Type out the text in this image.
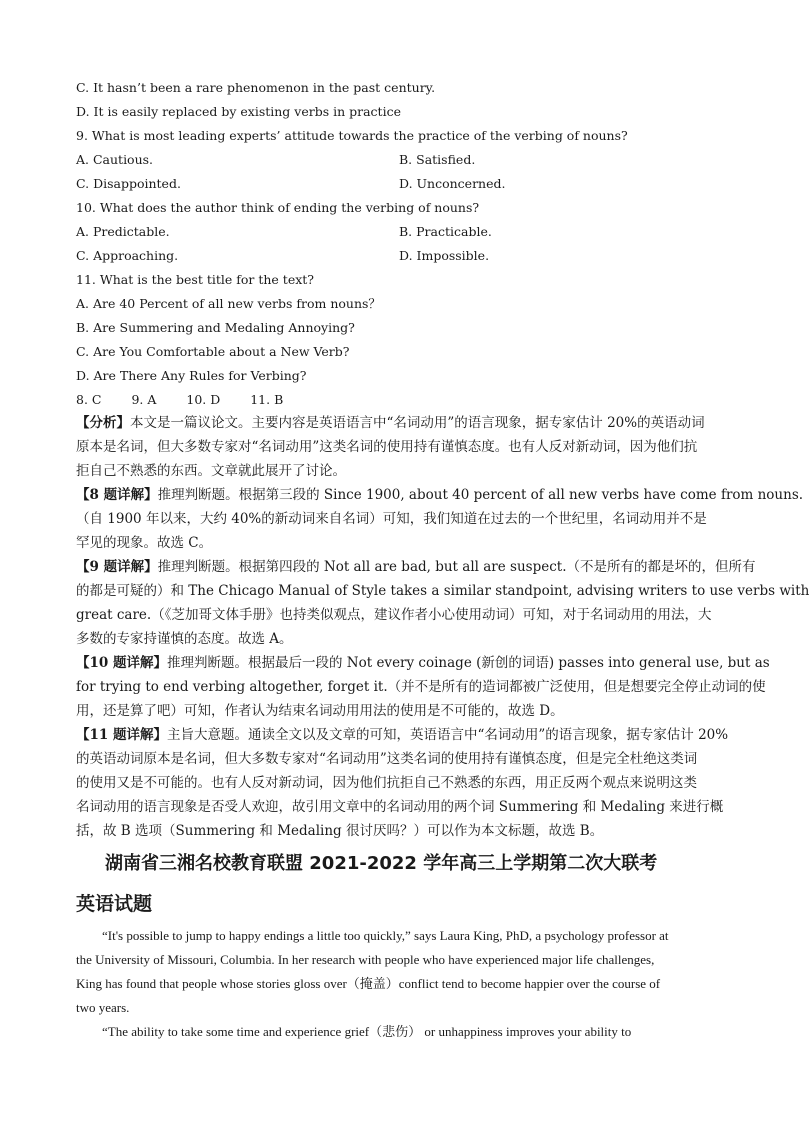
C. It hasn’t been a rare phenomenon in the past century.
D. It is easily replaced by existing verbs in practice
9. What is most leading experts’ attitude towards the practice of the verbing of nouns?
A. Cautious.	B. Satisfied.
C. Disappointed.	D. Unconcerned.
10. What does the author think of ending the verbing of nouns?
A. Predictable.	B. Practicable.
C. Approaching.	D. Impossible.
11. What is the best title for the text?
A. Are 40 Percent of all new verbs from nouns？
B. Are Summering and Medaling Annoying?
C. Are You Comfortable about a New Verb?
D. Are There Any Rules for Verbing?
8. C 9. A 10. D 11. B
【分析】本文是一篇议论文。主要内容是英语语言中“名词动用”的语言现象，据专家估计 20%的英语动词
原本是名词，但大多数专家对“名词动用”这类名词的使用持有谨慎态度。也有人反对新动词，因为他们抗
拒自己不熟悉的东西。文章就此展开了讨论。
【8 题详解】推理判断题。根据第三段的 Since 1900, about 40 percent of all new verbs have come from nouns.
（自 1900 年以来，大约 40%的新动词来自名词）可知，我们知道在过去的一个世纪里，名词动用并不是
罕见的现象。故选 C。
【9 题详解】推理判断题。根据第四段的 Not all are bad, but all are suspect.（不是所有的都是坏的，但所有
的都是可疑的）和 The Chicago Manual of Style takes a similar standpoint, advising writers to use verbs with
great care.（《芝加哥文体手册》也持类似观点，建议作者小心使用动词）可知，对于名词动用的用法，大
多数的专家持谨慎的态度。故选 A。
【10 题详解】推理判断题。根据最后一段的 Not every coinage (新创的词语) passes into general use, but as
for trying to end verbing altogether, forget it.（并不是所有的造词都被广泛使用，但是想要完全停止动词的使
用，还是算了吧）可知，作者认为结束名词动用用法的使用是不可能的，故选 D。
【11 题详解】主旨大意题。通读全文以及文章的可知，英语语言中“名词动用”的语言现象，据专家估计 20%
的英语动词原本是名词，但大多数专家对“名词动用”这类名词的使用持有谨慎态度，但是完全杜绝这类词
的使用又是不可能的。也有人反对新动词，因为他们抗拒自己不熟悉的东西，用正反两个观点来说明这类
名词动用的语言现象是否受人欢迎，故引用文章中的名词动用的两个词 Summering 和 Medaling 来进行概
括，故 B 选项（Summering 和 Medaling 很讨厌吗？）可以作为本文标题，故选 B。
湖南省三湘名校教育联盟 2021-2022 学年高三上学期第二次大联考
英语试题
“It's possible to jump to happy endings a little too quickly,” says Laura King, PhD, a psychology professor at
the University of Missouri, Columbia. In her research with people who have experienced major life challenges,
King has found that people whose stories gloss over（掩盖）conflict tend to become happier over the course of
two years.
“The ability to take some time and experience grief（悲伤） or unhappiness improves your ability to
